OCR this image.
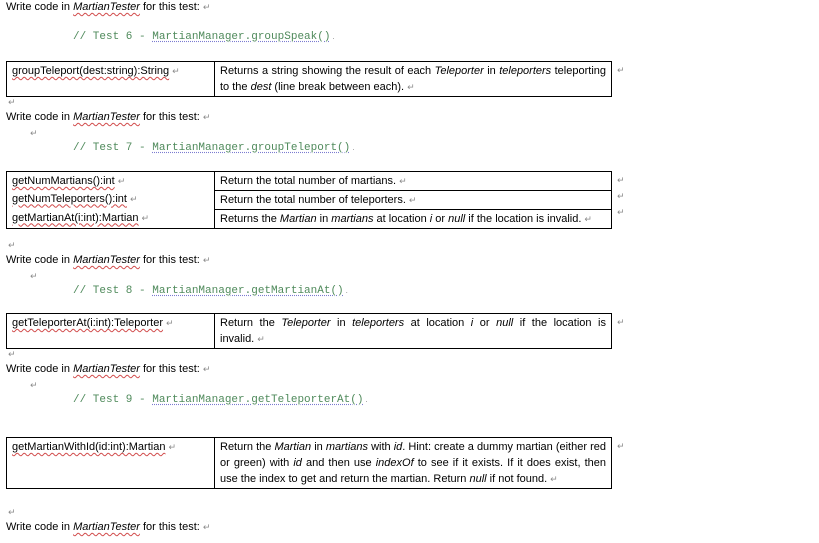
Write code in MartianTester for this test: ↵
// Test 6 - MartianManager.groupSpeak() .
groupTeleport(dest:string):String ↵	Returns a string showing the result of each Teleporter in teleporters teleporting to the dest (line break between each). ↵
↵
↵
Write code in MartianTester for this test: ↵
↵
// Test 7 - MartianManager.groupTeleport() .
getNumMartians():int ↵	Return the total number of martians. ↵

getNumTeleporters():int ↵	Return the total number of teleporters. ↵

getMartianAt(i:int):Martian ↵	Returns the Martian in martians at location i or null if the location is invalid. ↵
↵
↵
↵
↵
Write code in MartianTester for this test: ↵
↵
// Test 8 - MartianManager.getMartianAt() .
getTeleporterAt(i:int):Teleporter ↵	Return the Teleporter in teleporters at location i or null if the location is invalid. ↵
↵
↵
Write code in MartianTester for this test: ↵
↵
// Test 9 - MartianManager.getTeleporterAt() .
getMartianWithId(id:int):Martian ↵	Return the Martian in martians with id. Hint: create a dummy martian (either red or green) with id and then use indexOf to see if it exists. If it does exist, then use the index to get and return the martian. Return null if not found. ↵
↵
↵
Write code in MartianTester for this test: ↵
